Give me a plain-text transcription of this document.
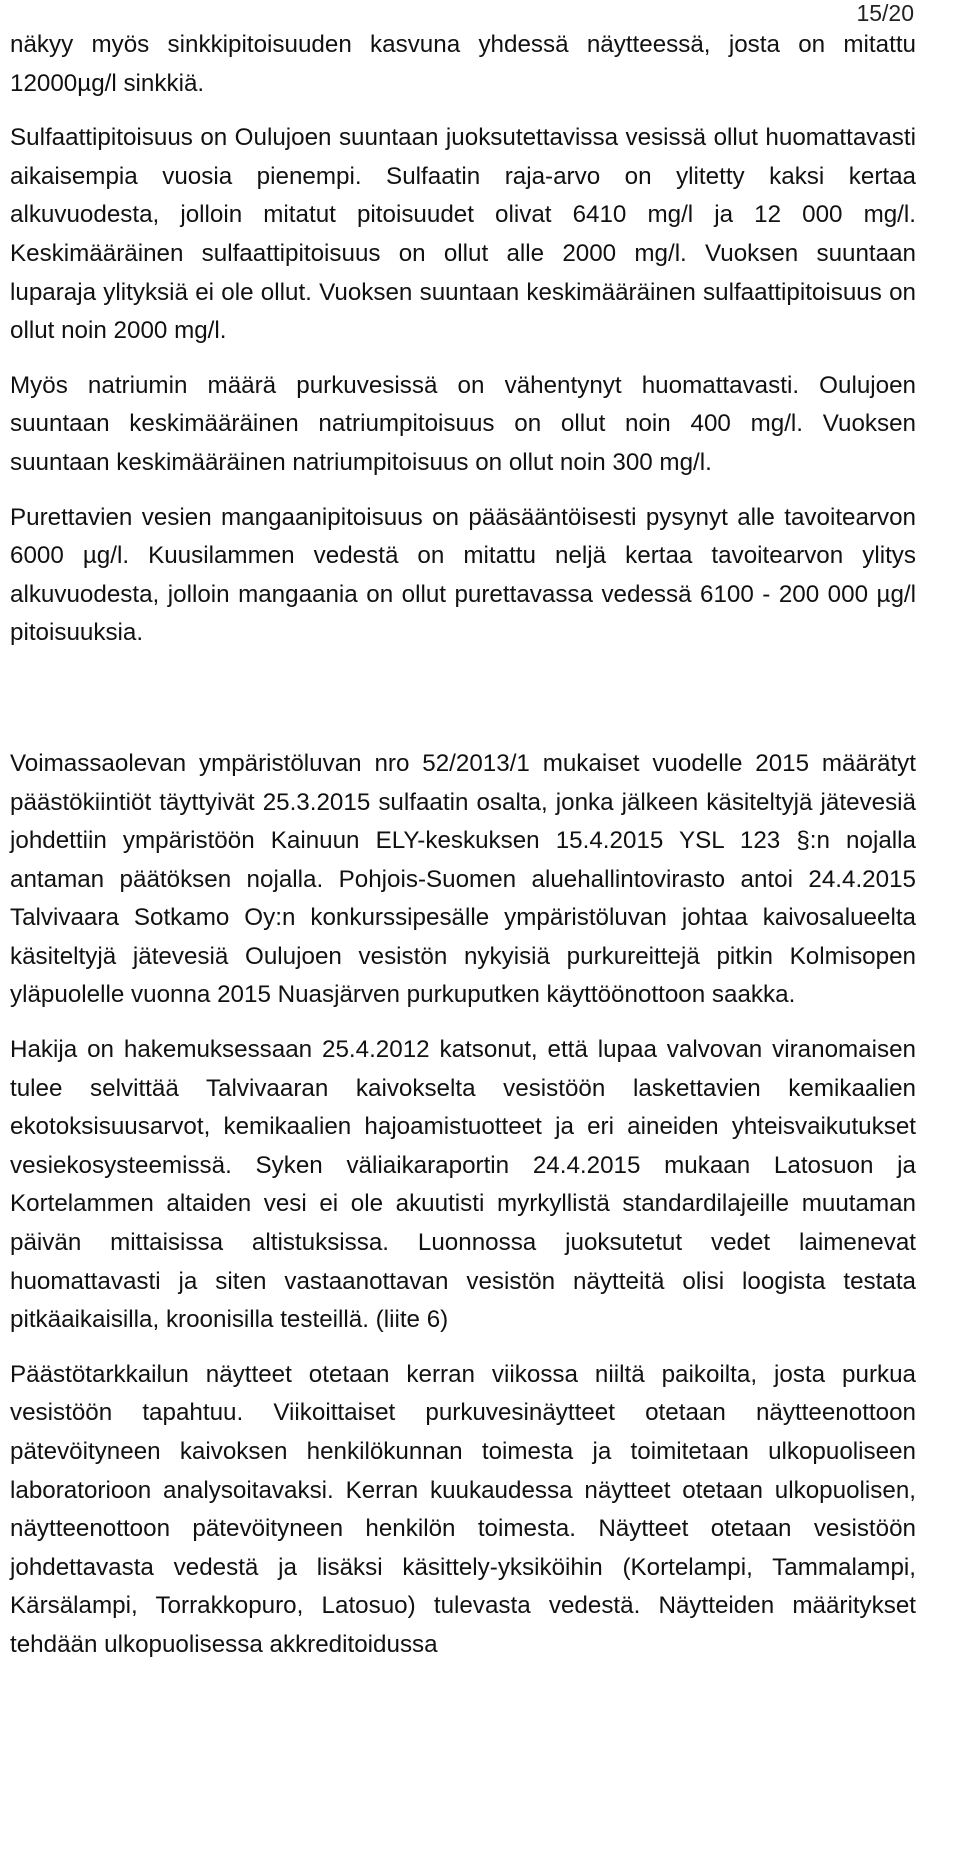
15/20

näkyy myös sinkkipitoisuuden kasvuna yhdessä näytteessä, josta on mitattu 12000µg/l sinkkiä.

Sulfaattipitoisuus on Oulujoen suuntaan juoksutettavissa vesissä ollut huomattavasti aikaisempia vuosia pienempi. Sulfaatin raja-arvo on ylitetty kaksi kertaa alkuvuodesta, jolloin mitatut pitoisuudet olivat 6410 mg/l ja 12 000 mg/l. Keskimääräinen sulfaattipitoisuus on ollut alle 2000 mg/l. Vuoksen suuntaan luparaja ylityksiä ei ole ollut. Vuoksen suuntaan keskimääräinen sulfaattipitoisuus on ollut noin 2000 mg/l.

Myös natriumin määrä purkuvesissä on vähentynyt huomattavasti. Oulujoen suuntaan keskimääräinen natriumpitoisuus on ollut noin 400 mg/l. Vuoksen suuntaan keskimääräinen natriumpitoisuus on ollut noin 300 mg/l.

Purettavien vesien mangaanipitoisuus on pääsääntöisesti pysynyt alle tavoitearvon 6000 µg/l. Kuusilammen vedestä on mitattu neljä kertaa tavoitearvon ylitys alkuvuodesta, jolloin mangaania on ollut purettavassa vedessä 6100 - 200 000 µg/l pitoisuuksia.

Voimassaolevan ympäristöluvan nro 52/2013/1 mukaiset vuodelle 2015 määrätyt päästökiintiöt täyttyivät 25.3.2015 sulfaatin osalta, jonka jälkeen käsiteltyjä jätevesiä johdettiin ympäristöön Kainuun ELY-keskuksen 15.4.2015 YSL 123 §:n nojalla antaman päätöksen nojalla. Pohjois-Suomen aluehallintovirasto antoi 24.4.2015 Talvivaara Sotkamo Oy:n konkurssipesälle ympäristöluvan johtaa kaivosalueelta käsiteltyjä jätevesiä Oulujoen vesistön nykyisiä purkureittejä pitkin Kolmisopen yläpuolelle vuonna 2015 Nuasjärven purkuputken käyttöönottoon saakka.

Hakija on hakemuksessaan 25.4.2012 katsonut, että lupaa valvovan viranomaisen tulee selvittää Talvivaaran kaivokselta vesistöön laskettavien kemikaalien ekotoksisuusarvot, kemikaalien hajoamistuotteet ja eri aineiden yhteisvaikutukset vesiekosysteemissä. Syken väliaikaraportin 24.4.2015 mukaan Latosuon ja Kortelammen altaiden vesi ei ole akuutisti myrkyllistä standardilajeille muutaman päivän mittaisissa altistuksissa. Luonnossa juoksutetut vedet laimenevat huomattavasti ja siten vastaanottavan vesistön näytteitä olisi loogista testata pitkäaikaisilla, kroonisilla testeillä. (liite 6)

Päästötarkkailun näytteet otetaan kerran viikossa niiltä paikoilta, josta purkua vesistöön tapahtuu. Viikoittaiset purkuvesinäytteet otetaan näytteenottoon pätevöityneen kaivoksen henkilökunnan toimesta ja toimitetaan ulkopuoliseen laboratorioon analysoitavaksi. Kerran kuukaudessa näytteet otetaan ulkopuolisen, näytteenottoon pätevöityneen henkilön toimesta. Näytteet otetaan vesistöön johdettavasta vedestä ja lisäksi käsittely-yksiköihin (Kortelampi, Tammalampi, Kärsälampi, Torrakkopuro, Latosuo) tulevasta vedestä. Näytteiden määritykset tehdään ulkopuolisessa akkreditoidussa
